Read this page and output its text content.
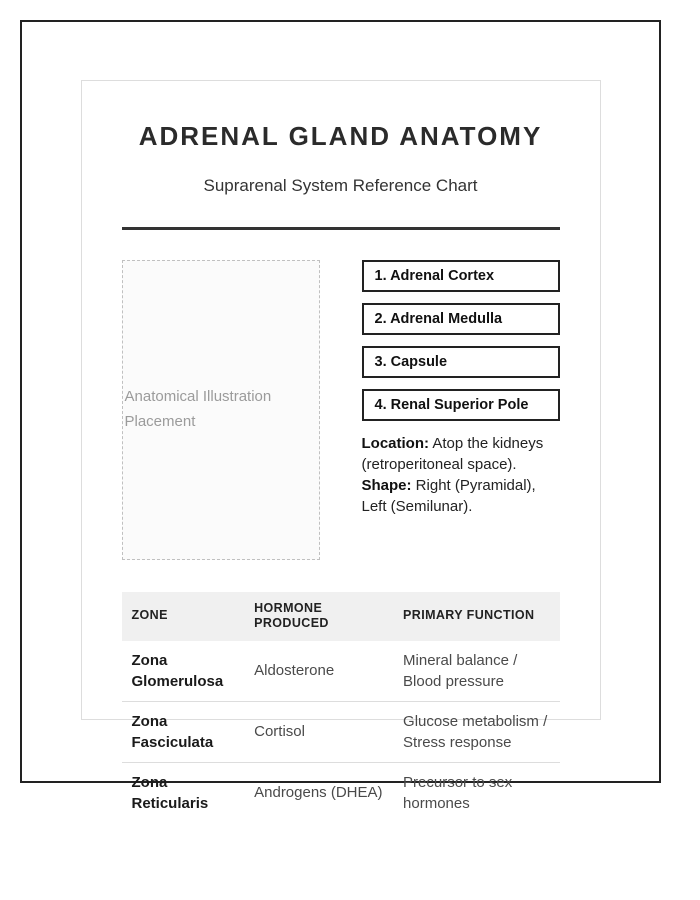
ADRENAL GLAND ANATOMY

Suprarenal System Reference Chart

Anatomical Illustration Placement
1. Adrenal Cortex
2. Adrenal Medulla
3. Capsule
4. Renal Superior Pole

Location: Atop the kidneys (retroperitoneal space). Shape: Right (Pyramidal), Left (Semilunar).

ZONE	HORMONE PRODUCED	PRIMARY FUNCTION
Zona Glomerulosa	Aldosterone	Mineral balance / Blood pressure
Zona Fasciculata	Cortisol	Glucose metabolism / Stress response
Zona Reticularis	Androgens (DHEA)	Precursor to sex hormones
